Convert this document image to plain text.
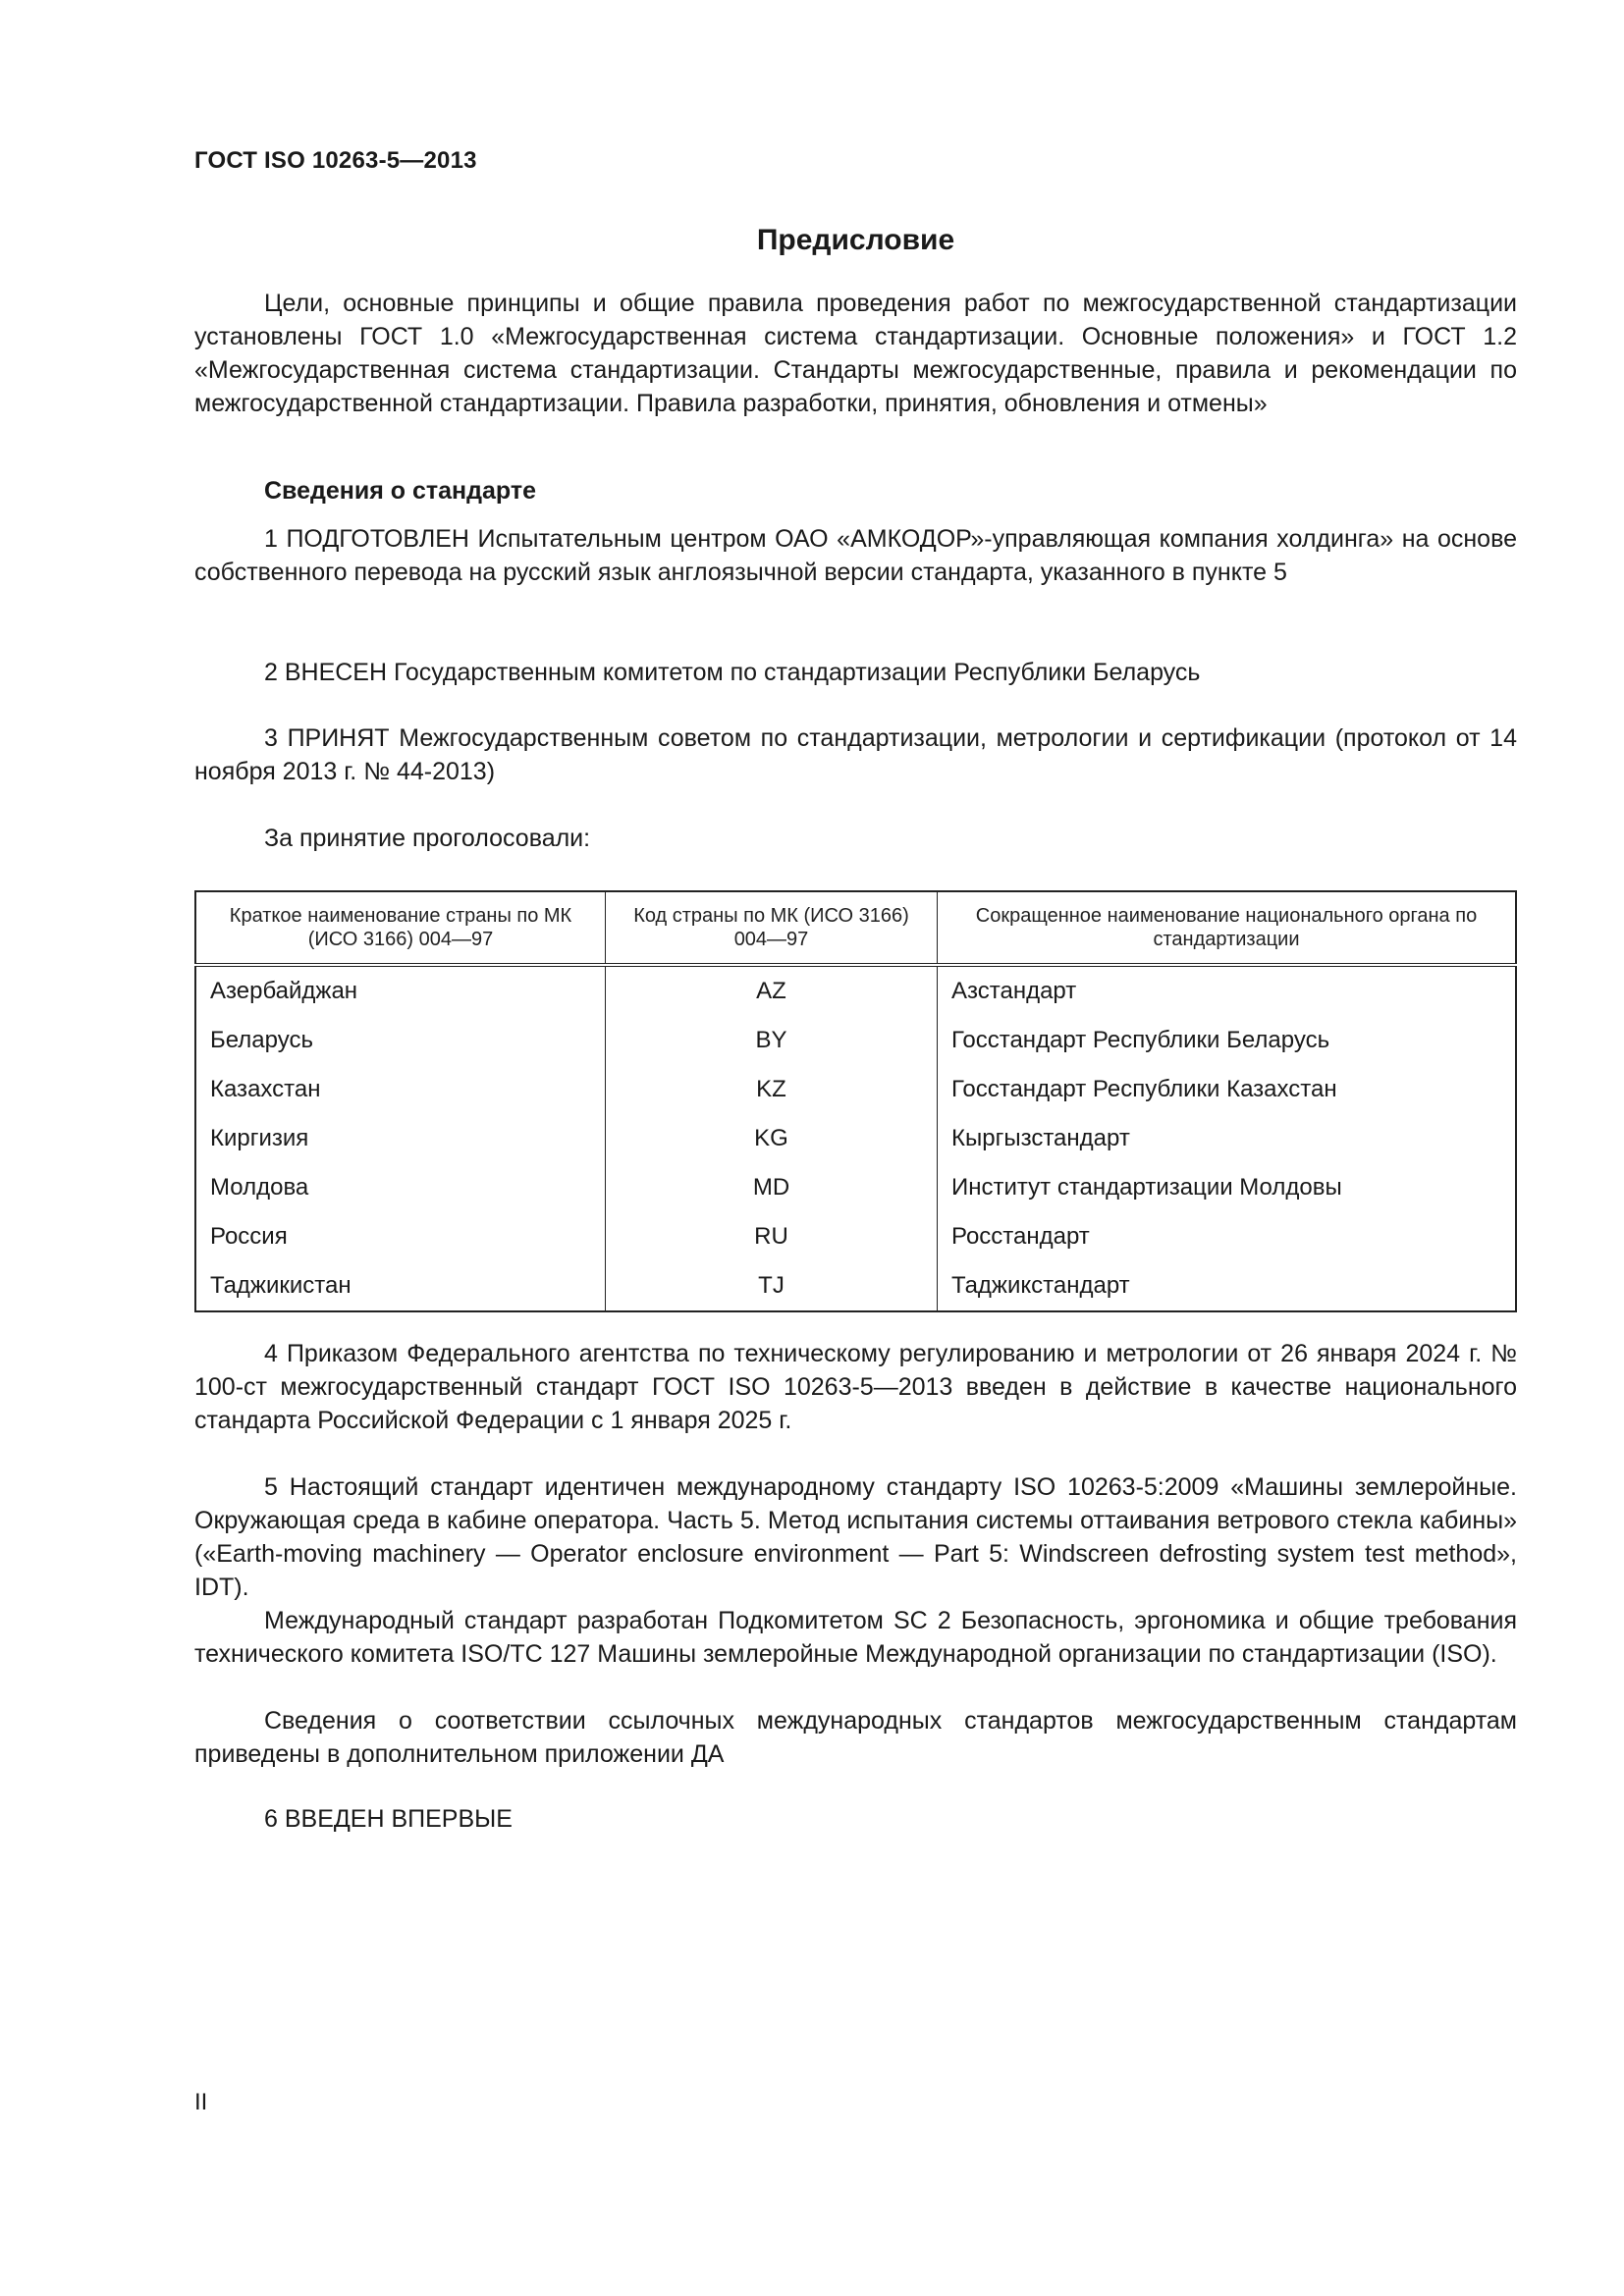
ГОСТ ISO 10263-5—2013
Предисловие

Цели, основные принципы и общие правила проведения работ по межгосударственной стандартизации установлены ГОСТ 1.0 «Межгосударственная система стандартизации. Основные положения» и ГОСТ 1.2 «Межгосударственная система стандартизации. Стандарты межгосударственные, правила и рекомендации по межгосударственной стандартизации. Правила разработки, принятия, обновления и отмены»

Сведения о стандарте

1 ПОДГОТОВЛЕН Испытательным центром ОАО «АМКОДОР»-управляющая компания холдинга» на основе собственного перевода на русский язык англоязычной версии стандарта, указанного в пункте 5

2 ВНЕСЕН Государственным комитетом по стандартизации Республики Беларусь

3 ПРИНЯТ Межгосударственным советом по стандартизации, метрологии и сертификации (протокол от 14 ноября 2013 г. № 44-2013)

За принятие проголосовали:

Краткое наименование страны по МК (ИСО 3166) 004—97	Код страны по МК (ИСО 3166) 004—97	Сокращенное наименование национального органа по стандартизации
Азербайджан	AZ	Азстандарт
Беларусь	BY	Госстандарт Республики Беларусь
Казахстан	KZ	Госстандарт Республики Казахстан
Киргизия	KG	Кыргызстандарт
Молдова	MD	Институт стандартизации Молдовы
Россия	RU	Росстандарт
Таджикистан	TJ	Таджикстандарт

4 Приказом Федерального агентства по техническому регулированию и метрологии от 26 января 2024 г. № 100-ст межгосударственный стандарт ГОСТ ISO 10263-5—2013 введен в действие в качестве национального стандарта Российской Федерации с 1 января 2025 г.

5 Настоящий стандарт идентичен международному стандарту ISO 10263-5:2009 «Машины землеройные. Окружающая среда в кабине оператора. Часть 5. Метод испытания системы оттаивания ветрового стекла кабины» («Earth-moving machinery — Operator enclosure environment — Part 5: Windscreen defrosting system test method», IDT).

Международный стандарт разработан Подкомитетом SC 2 Безопасность, эргономика и общие требования технического комитета ISO/TC 127 Машины землеройные Международной организации по стандартизации (ISO).

Сведения о соответствии ссылочных международных стандартов межгосударственным стандартам приведены в дополнительном приложении ДА

6 ВВЕДЕН ВПЕРВЫЕ

II
